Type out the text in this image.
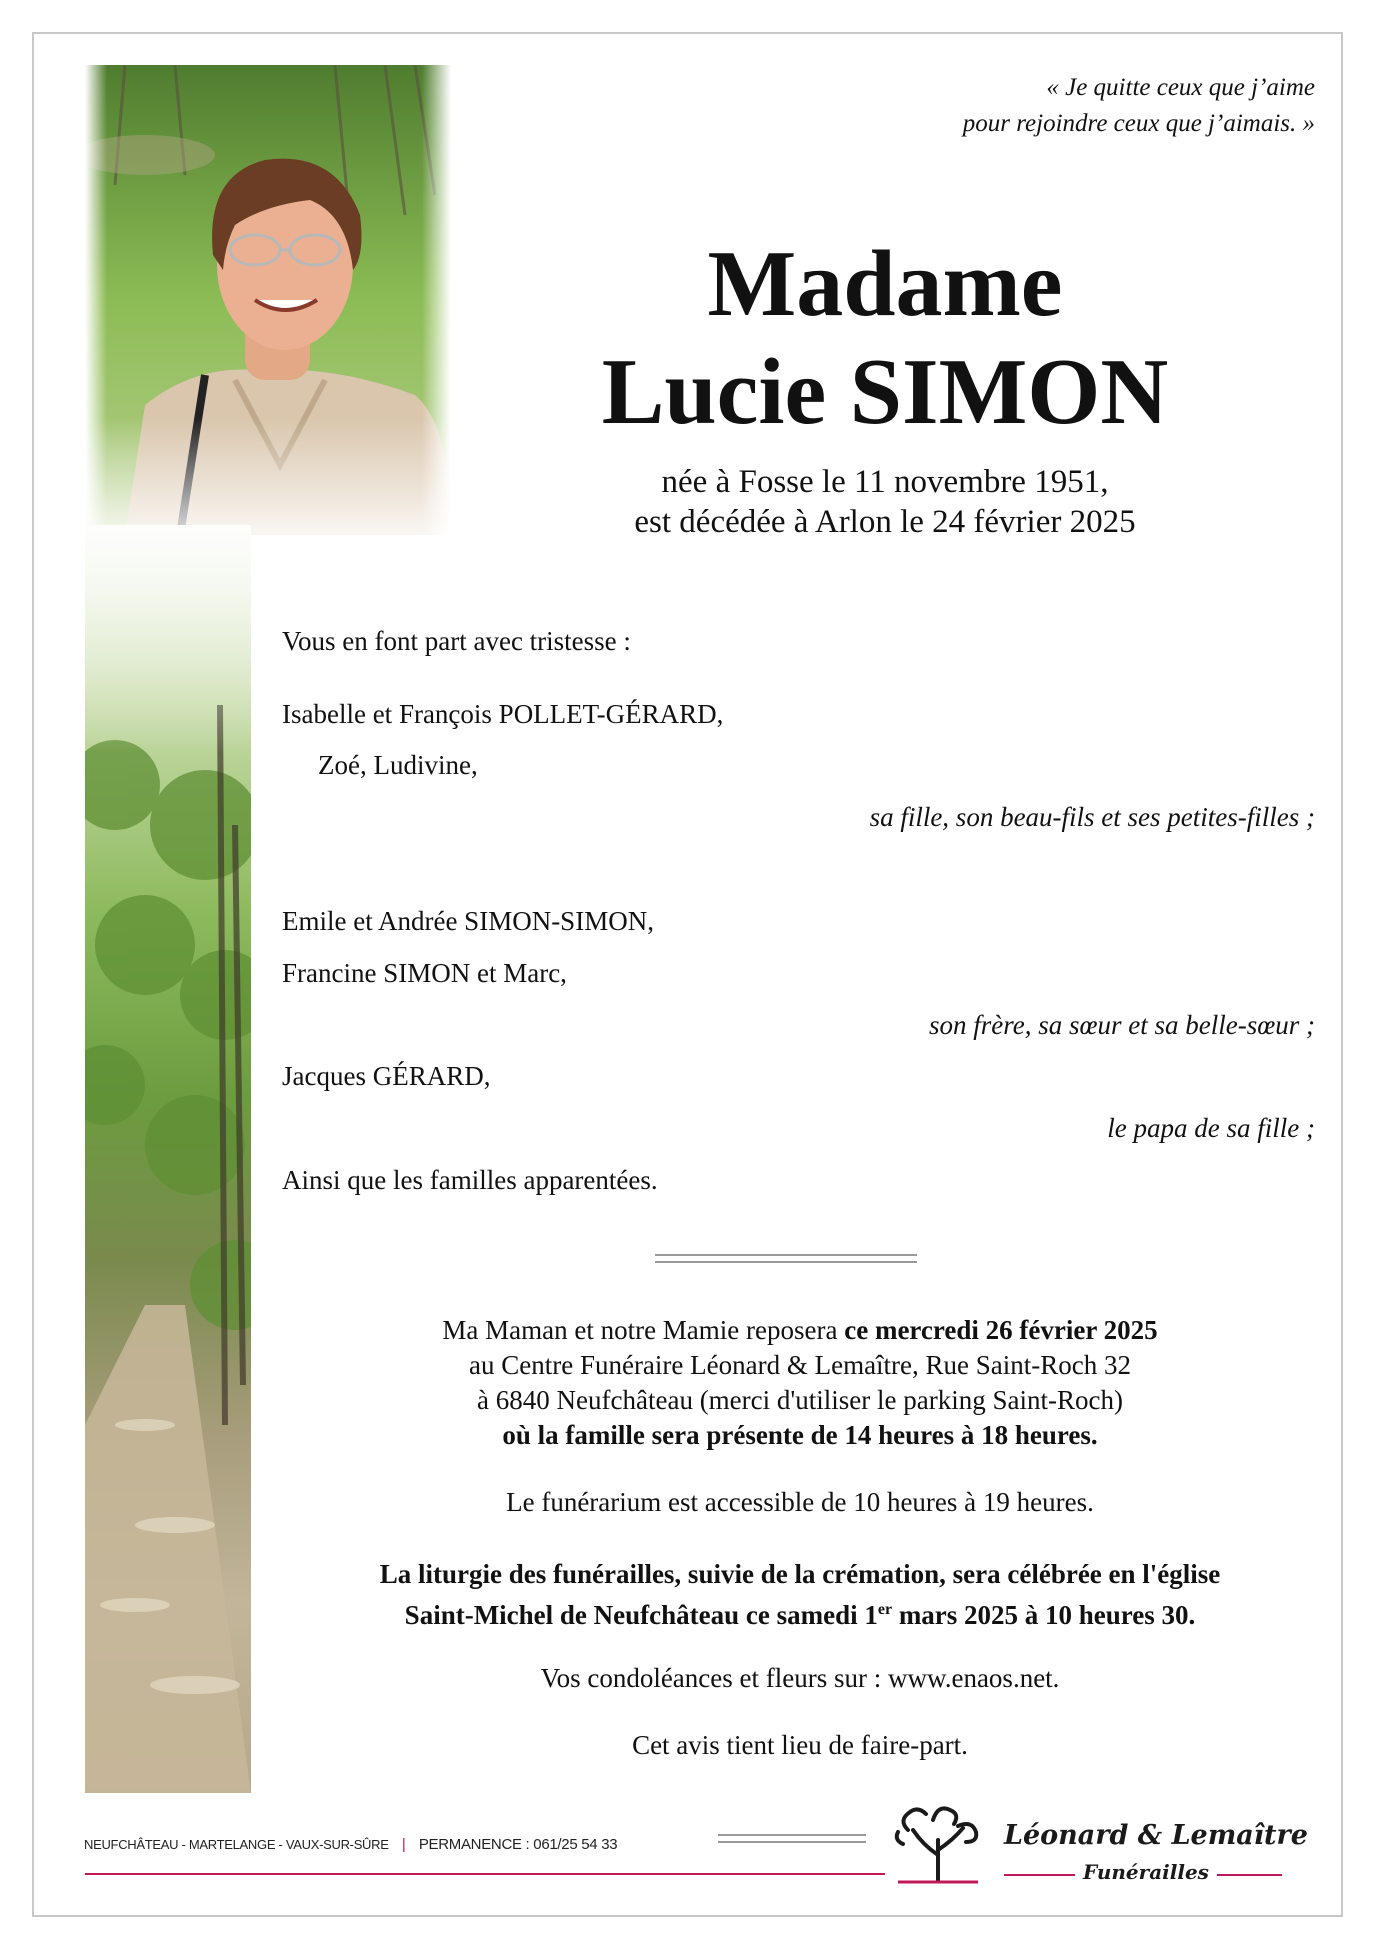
« Je quitte ceux que j’aime
pour rejoindre ceux que j’aimais. »
Madame
Lucie SIMON
née à Fosse le 11 novembre 1951,
est décédée à Arlon le 24 février 2025
Vous en font part avec tristesse :
Isabelle et François POLLET-GÉRARD,
Zoé, Ludivine,
sa fille, son beau-fils et ses petites-filles ;
Emile et Andrée SIMON-SIMON,
Francine SIMON et Marc,
son frère, sa sœur et sa belle-sœur ;
Jacques GÉRARD,
le papa de sa fille ;
Ainsi que les familles apparentées.
Ma Maman et notre Mamie reposera ce mercredi 26 février 2025
au Centre Funéraire Léonard & Lemaître, Rue Saint-Roch 32
à 6840 Neufchâteau (merci d'utiliser le parking Saint-Roch)
où la famille sera présente de 14 heures à 18 heures.
Le funérarium est accessible de 10 heures à 19 heures.
La liturgie des funérailles, suivie de la crémation, sera célébrée en l'église
Saint-Michel de Neufchâteau ce samedi 1er mars 2025 à 10 heures 30.
Vos condoléances et fleurs sur : www.enaos.net.
Cet avis tient lieu de faire-part.
NEUFCHÂTEAU - MARTELANGE - VAUX-SUR-SÛRE | PERMANENCE : 061/25 54 33	Léonard & Lemaître
Funérailles
